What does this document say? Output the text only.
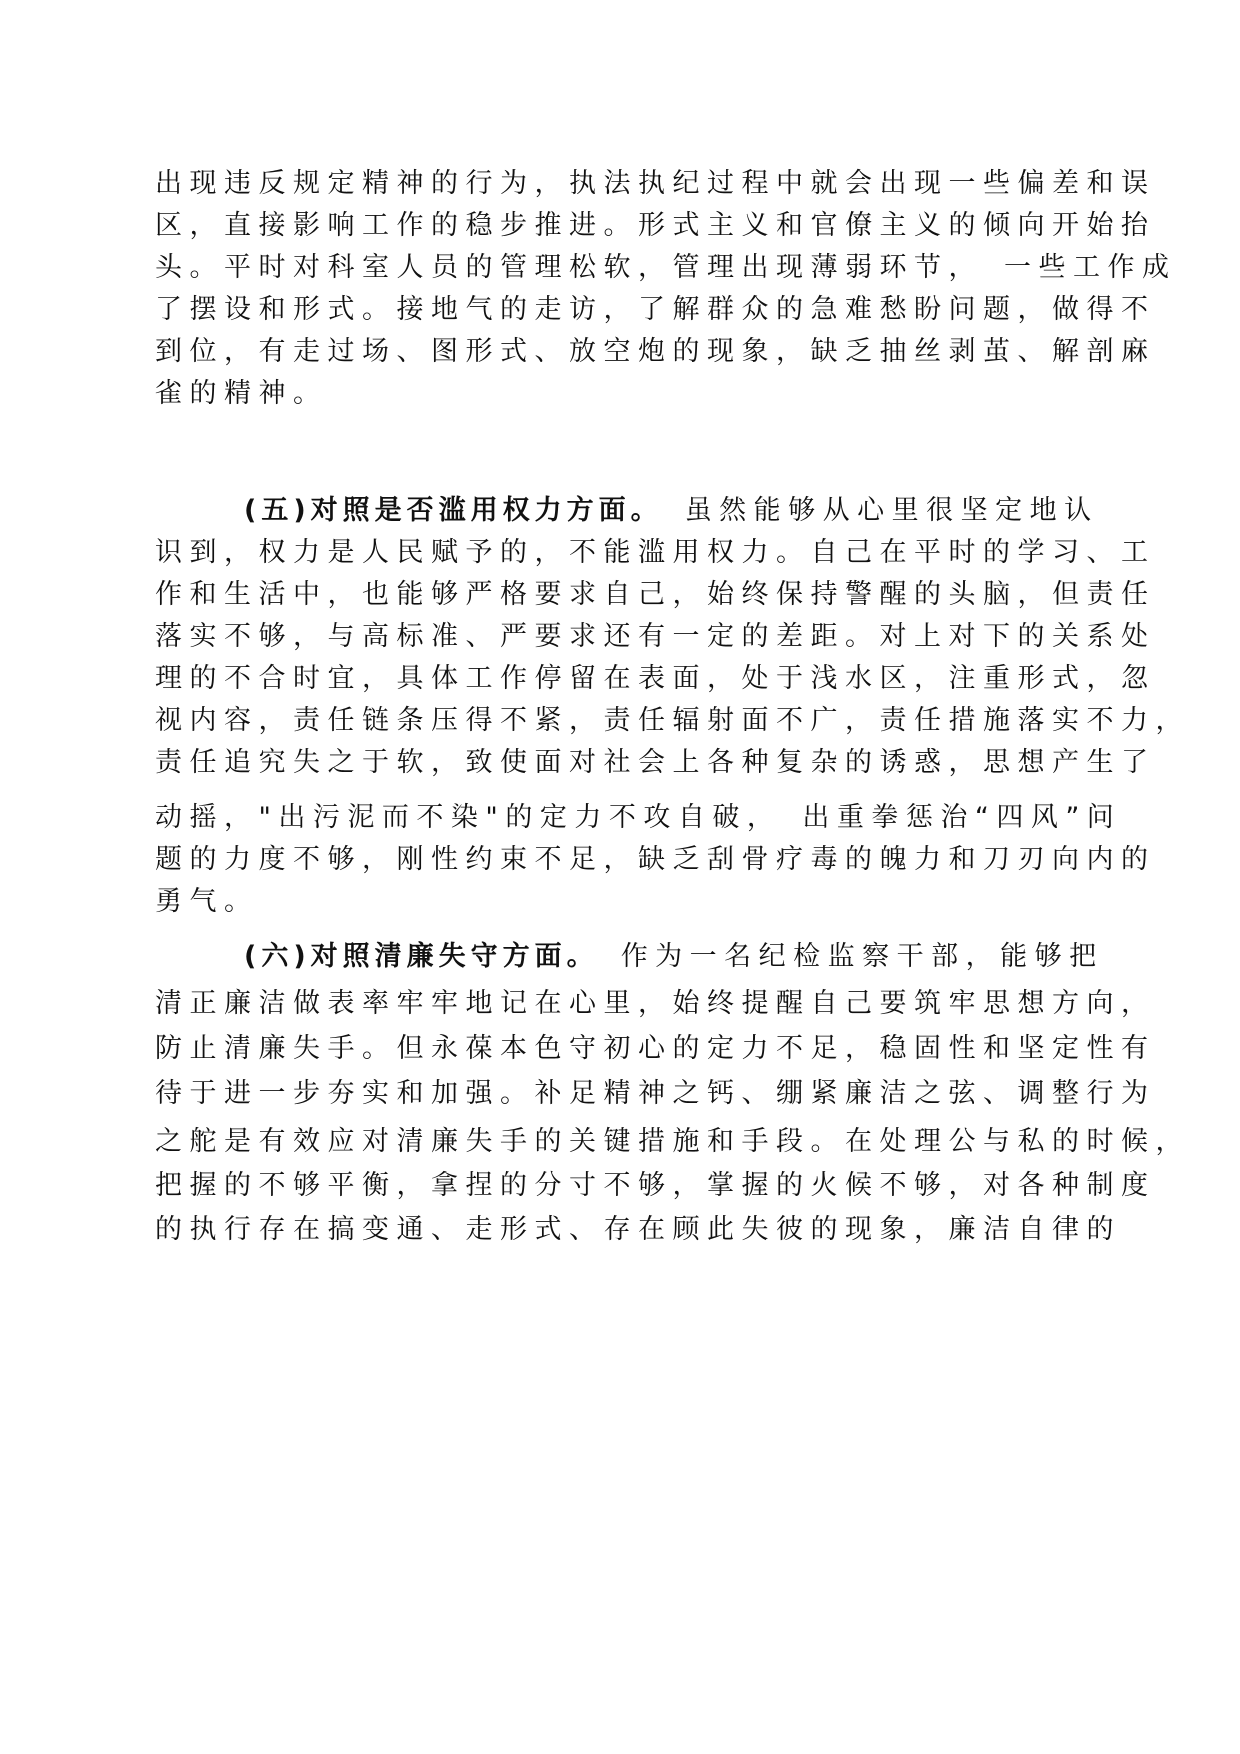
出现违反规定精神的行为，执法执纪过程中就会出现一些偏差和误
区，直接影响工作的稳步推进。形式主义和官僚主义的倾向开始抬
头。平时对科室人员的管理松软，管理出现薄弱环节，　一些工作成
了摆设和形式。接地气的走访，了解群众的急难愁盼问题，做得不
到位，有走过场、图形式、放空炮的现象，缺乏抽丝剥茧、解剖麻
雀的精神。
(五)对照是否滥用权力方面。 虽然能够从心里很坚定地认
识到，权力是人民赋予的，不能滥用权力。自己在平时的学习、工
作和生活中，也能够严格要求自己，始终保持警醒的头脑，但责任
落实不够，与高标准、严要求还有一定的差距。对上对下的关系处
理的不合时宜，具体工作停留在表面，处于浅水区，注重形式，忽
视内容，责任链条压得不紧，责任辐射面不广，责任措施落实不力，
责任追究失之于软，致使面对社会上各种复杂的诱惑，思想产生了
动摇，"出污泥而不染"的定力不攻自破，　出重拳惩治“四风”问
题的力度不够，刚性约束不足，缺乏刮骨疗毒的魄力和刀刃向内的
勇气。
(六)对照清廉失守方面。 作为一名纪检监察干部，能够把
清正廉洁做表率牢牢地记在心里，始终提醒自己要筑牢思想方向，
防止清廉失手。但永葆本色守初心的定力不足，稳固性和坚定性有
待于进一步夯实和加强。补足精神之钙、绷紧廉洁之弦、调整行为
之舵是有效应对清廉失手的关键措施和手段。在处理公与私的时候，
把握的不够平衡，拿捏的分寸不够，掌握的火候不够，对各种制度
的执行存在搞变通、走形式、存在顾此失彼的现象，廉洁自律的
